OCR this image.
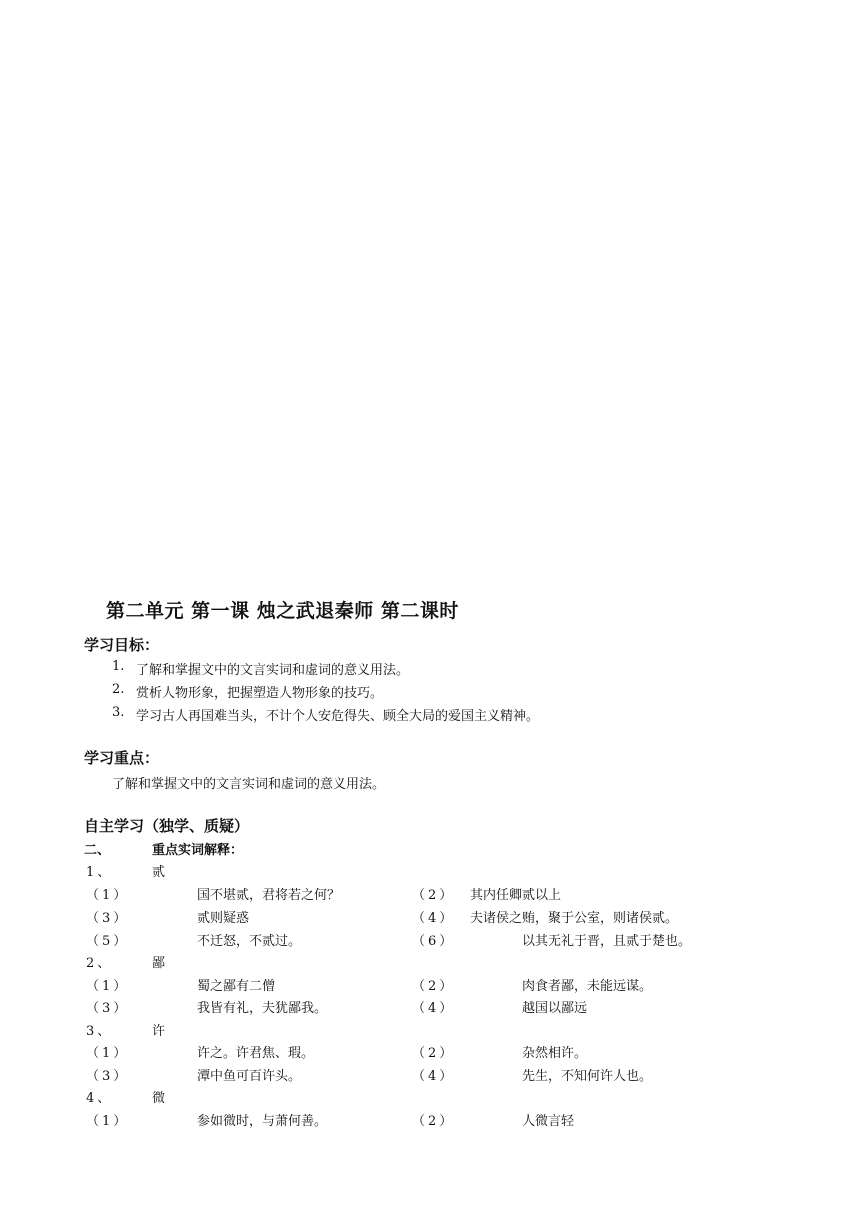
第二单元 第一课 烛之武退秦师 第二课时
学习目标：
1. 了解和掌握文中的文言实词和虚词的意义用法。
2. 赏析人物形象，把握塑造人物形象的技巧。
3. 学习古人再国难当头，不计个人安危得失、顾全大局的爱国主义精神。
学习重点：
了解和掌握文中的文言实词和虚词的意义用法。
自主学习（独学、质疑）
二、	重点实词解释：
1、	贰
（1）	国不堪贰，君将若之何？	（2） 其内任卿贰以上
（3）	贰则疑惑	（4） 夫诸侯之贿，聚于公室，则诸侯贰。
（5）	不迁怒，不贰过。	（6）	以其无礼于晋，且贰于楚也。
2、	鄙
（1）	蜀之鄙有二僧	（2）	肉食者鄙，未能远谋。
（3）	我皆有礼，夫犹鄙我。	（4）	越国以鄙远
3、	许
（1）	许之。许君焦、瑕。	（2）	杂然相许。
（3）	潭中鱼可百许头。	（4）	先生，不知何许人也。
4、	微
（1）	参如微时，与萧何善。	（2）	人微言轻
